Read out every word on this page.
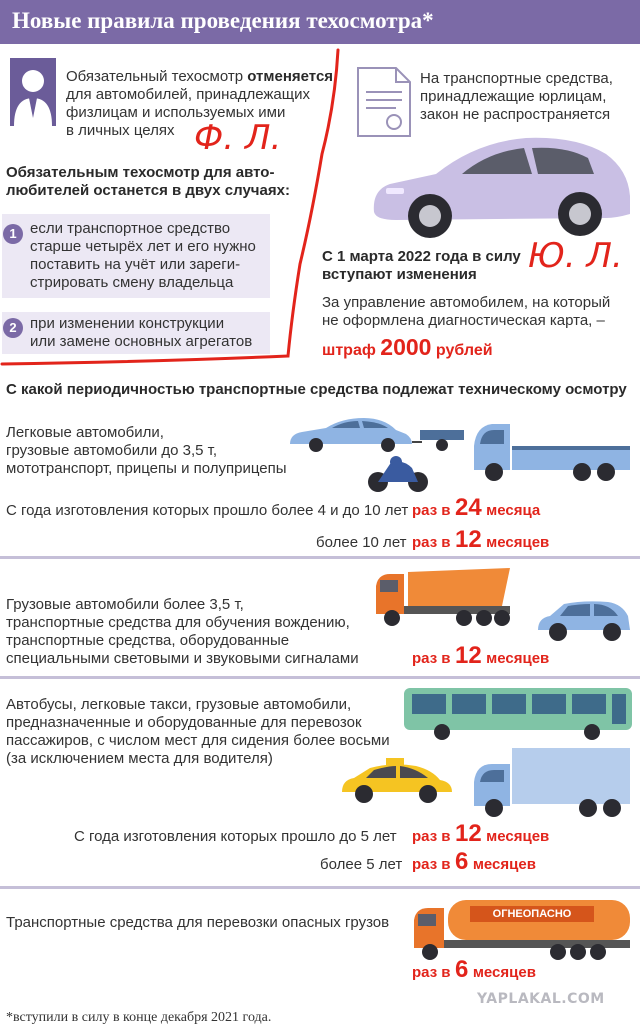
Новые правила проведения техосмотра*
Обязательный техосмотр отменяется
для автомобилей, принадлежащих
физлицам и используемых ими
в личных целях Ф. Л.
Обязательным техосмотр для авто-
любителей останется в двух случаях:
1 если транспортное средство
старше четырёх лет и его нужно
поставить на учёт или зареги-
стрировать смену владельца
2 при изменении конструкции
или замене основных агрегатов
На транспортные средства,
принадлежащие юрлицам,
закон не распространяется
С 1 марта 2022 года в силу
вступают изменения Ю. Л.
За управление автомобилем, на который
не оформлена диагностическая карта, –
штраф 2000 рублей
С какой периодичностью транспортные средства подлежат техническому осмотру
Легковые автомобили,
грузовые автомобили до 3,5 т,
мототранспорт, прицепы и полуприцепы
С года изготовления которых прошло более 4 и до 10 лет раз в 24 месяца
более 10 лет раз в 12 месяцев
Грузовые автомобили более 3,5 т,
транспортные средства для обучения вождению,
транспортные средства, оборудованные
специальными световыми и звуковыми сигналами	раз в 12 месяцев
Автобусы, легковые такси, грузовые автомобили,
предназначенные и оборудованные для перевозок
пассажиров, с числом мест для сидения более восьми
(за исключением места для водителя)
С года изготовления которых прошло до 5 лет раз в 12 месяцев
более 5 лет раз в 6 месяцев
Транспортные средства для перевозки опасных грузов	ОГНЕОПАСНО
раз в 6 месяцев
YAPLAKAL.COM
*вступили в силу в конце декабря 2021 года.
